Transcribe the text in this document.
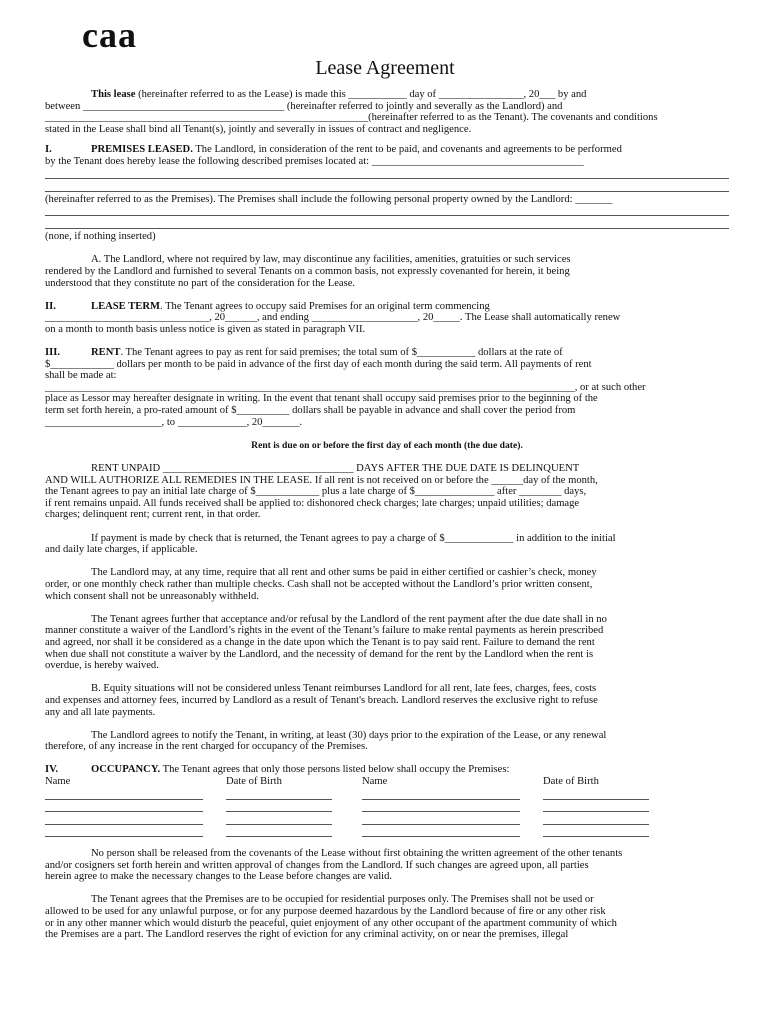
caa
Lease Agreement

This lease (hereinafter referred to as the Lease) is made this ___________ day of ________________, 20___ by and

between ______________________________________ (hereinafter referred to jointly and severally as the Landlord) and

_____________________________________________________________(hereinafter referred to as the Tenant). The covenants and conditions

stated in the Lease shall bind all Tenant(s), jointly and severally in issues of contract and negligence.

I.	PREMISES LEASED. The Landlord, in consideration of the rent to be paid, and covenants and agreements to be performed

by the Tenant does hereby lease the following described premises located at: ________________________________________

(hereinafter referred to as the Premises). The Premises shall include the following personal property owned by the Landlord: _______

(none, if nothing inserted)

A. The Landlord, where not required by law, may discontinue any facilities, amenities, gratuities or such services

rendered by the Landlord and furnished to several Tenants on a common basis, not expressly covenanted for herein, it being

understood that they constitute no part of the consideration for the Lease.

II.	LEASE TERM. The Tenant agrees to occupy said Premises for an original term commencing

_______________________________, 20______, and ending ____________________, 20_____. The Lease shall automatically renew

on a month to month basis unless notice is given as stated in paragraph VII.

III.	RENT. The Tenant agrees to pay as rent for said premises; the total sum of $___________ dollars at the rate of

$____________ dollars per month to be paid in advance of the first day of each month during the said term. All payments of rent

shall be made at:

____________________________________________________________________________________________________, or at such other

place as Lessor may hereafter designate in writing. In the event that tenant shall occupy said premises prior to the beginning of the

term set forth herein, a pro-rated amount of $__________ dollars shall be payable in advance and shall cover the period from

______________________, to _____________, 20_______.

Rent is due on or before the first day of each month (the due date).

RENT UNPAID ____________________________________ DAYS AFTER THE DUE DATE IS DELINQUENT

AND WILL AUTHORIZE ALL REMEDIES IN THE LEASE. If all rent is not received on or before the ______day of the month,

the Tenant agrees to pay an initial late charge of $____________ plus a late charge of $_______________ after ________ days,

if rent remains unpaid. All funds received shall be applied to: dishonored check charges; late charges; unpaid utilities; damage

charges; delinquent rent; current rent, in that order.

If payment is made by check that is returned, the Tenant agrees to pay a charge of $_____________ in addition to the initial

and daily late charges, if applicable.

The Landlord may, at any time, require that all rent and other sums be paid in either certified or cashier’s check, money

order, or one monthly check rather than multiple checks. Cash shall not be accepted without the Landlord’s prior written consent,

which consent shall not be unreasonably withheld.

The Tenant agrees further that acceptance and/or refusal by the Landlord of the rent payment after the due date shall in no

manner constitute a waiver of the Landlord’s rights in the event of the Tenant’s failure to make rental payments as herein prescribed

and agreed, nor shall it be considered as a change in the date upon which the Tenant is to pay said rent. Failure to demand the rent

when due shall not constitute a waiver by the Landlord, and the necessity of demand for the rent by the Landlord when the rent is

overdue, is hereby waived.

B. Equity situations will not be considered unless Tenant reimburses Landlord for all rent, late fees, charges, fees, costs

and expenses and attorney fees, incurred by Landlord as a result of Tenant's breach. Landlord reserves the exclusive right to refuse

any and all late payments.

The Landlord agrees to notify the Tenant, in writing, at least (30) days prior to the expiration of the Lease, or any renewal

therefore, of any increase in the rent charged for occupancy of the Premises.

IV.	OCCUPANCY. The Tenant agrees that only those persons listed below shall occupy the Premises:

Name	Date of Birth	Name	Date of Birth

No person shall be released from the covenants of the Lease without first obtaining the written agreement of the other tenants

and/or cosigners set forth herein and written approval of changes from the Landlord. If such changes are agreed upon, all parties

herein agree to make the necessary changes to the Lease before changes are valid.

The Tenant agrees that the Premises are to be occupied for residential purposes only. The Premises shall not be used or

allowed to be used for any unlawful purpose, or for any purpose deemed hazardous by the Landlord because of fire or any other risk

or in any other manner which would disturb the peaceful, quiet enjoyment of any other occupant of the apartment community of which

the Premises are a part. The Landlord reserves the right of eviction for any criminal activity, on or near the premises, illegal
